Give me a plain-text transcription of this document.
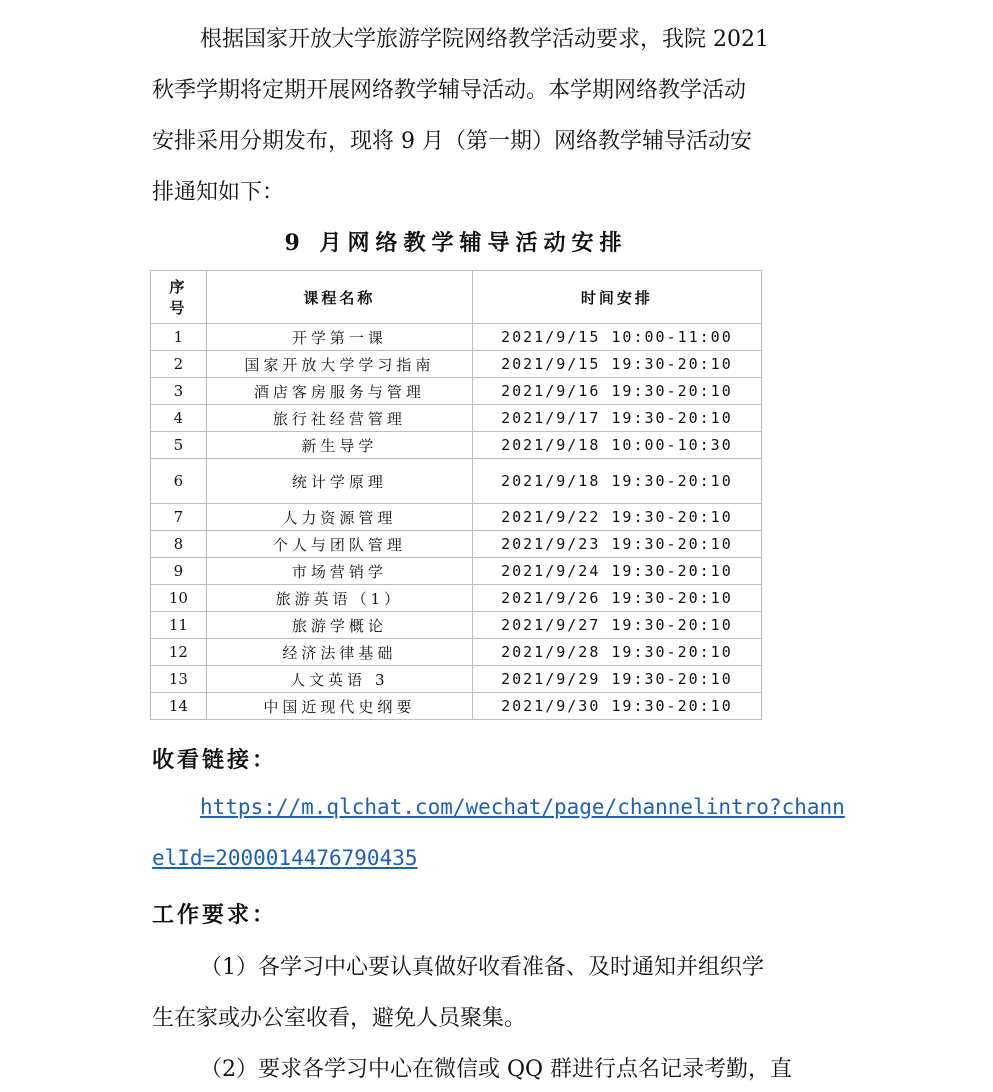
根据国家开放大学旅游学院网络教学活动要求，我院 2021

秋季学期将定期开展网络教学辅导活动。本学期网络教学活动

安排采用分期发布，现将 9 月（第一期）网络教学辅导活动安

排通知如下：

9 月网络教学辅导活动安排

序
号	课程名称	时间安排
1	开学第一课	2021/9/15 10:00-11:00
2	国家开放大学学习指南	2021/9/15 19:30-20:10
3	酒店客房服务与管理	2021/9/16 19:30-20:10
4	旅行社经营管理	2021/9/17 19:30-20:10
5	新生导学	2021/9/18 10:00-10:30
6	统计学原理	2021/9/18 19:30-20:10
7	人力资源管理	2021/9/22 19:30-20:10
8	个人与团队管理	2021/9/23 19:30-20:10
9	市场营销学	2021/9/24 19:30-20:10
10	旅游英语（1）	2021/9/26 19:30-20:10
11	旅游学概论	2021/9/27 19:30-20:10
12	经济法律基础	2021/9/28 19:30-20:10
13	人文英语 3	2021/9/29 19:30-20:10
14	中国近现代史纲要	2021/9/30 19:30-20:10

收看链接：

https://m.qlchat.com/wechat/page/channelintro?chann

elId=2000014476790435

工作要求：

（1）各学习中心要认真做好收看准备、及时通知并组织学

生在家或办公室收看，避免人员聚集。

（2）要求各学习中心在微信或 QQ 群进行点名记录考勤，直
